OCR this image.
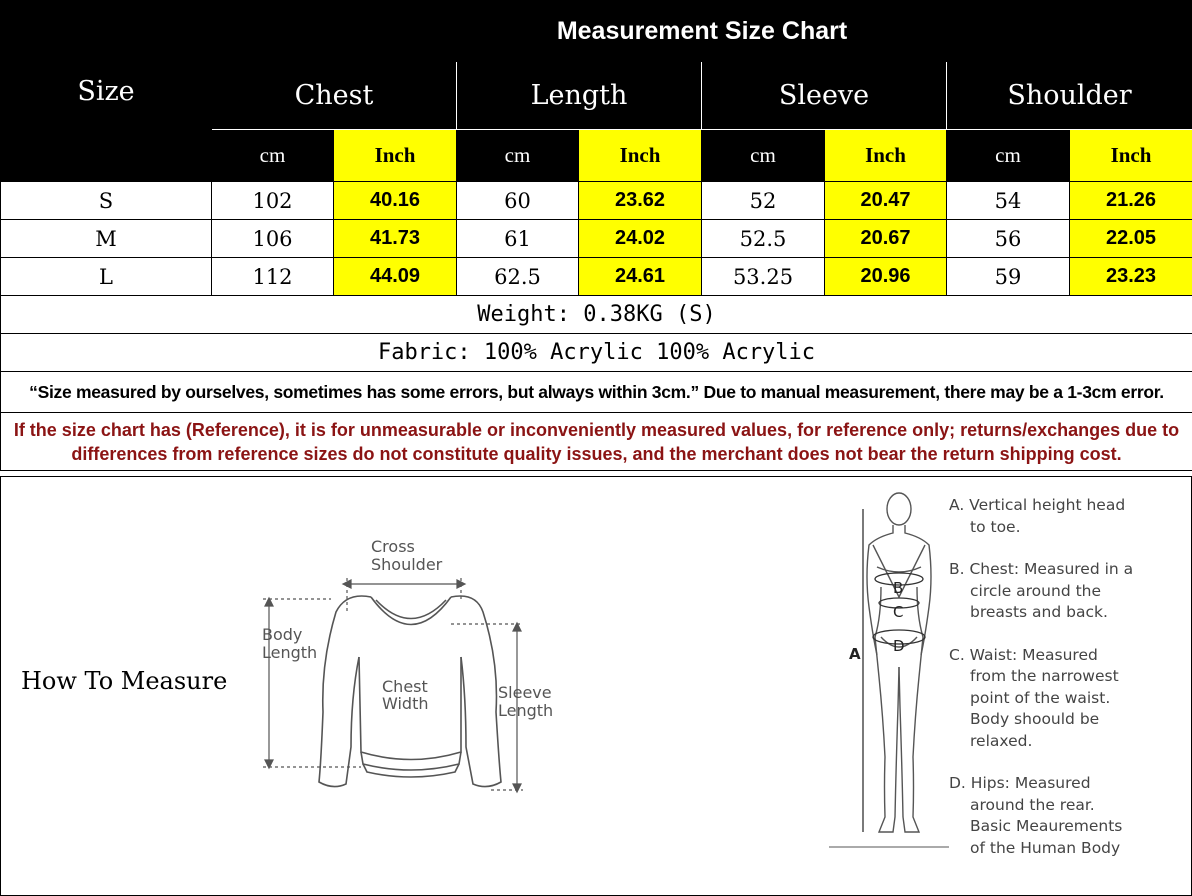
Size	Measurement Size Chart							
	Chest		Length		Sleeve		Shoulder	
	cm	Inch	cm	Inch	cm	Inch	cm	Inch
S	102	40.16	60	23.62	52	20.47	54	21.26
M	106	41.73	61	24.02	52.5	20.67	56	22.05
L	112	44.09	62.5	24.61	53.25	20.96	59	23.23
Weight: 0.38KG (S)								
Fabric: 100% Acrylic 100% Acrylic								
“Size measured by ourselves, sometimes has some errors, but always within 3cm.” Due to manual measurement, there may be a 1-3cm error.								
If the size chart has (Reference), it is for unmeasurable or inconveniently measured values, for reference only; returns/exchanges due to differences from reference sizes do not constitute quality issues, and the merchant does not bear the return shipping cost.								
How To Measure
Cross
Shoulder
Body
Length
Chest
Width
Sleeve
Length
B
C
D
A
A. Vertical height head
to toe.
B. Chest: Measured in a
circle around the
breasts and back.
C. Waist: Measured
from the narrowest
point of the waist.
Body shoould be
relaxed.
D. Hips: Measured
around the rear.
Basic Meaurements
of the Human Body
